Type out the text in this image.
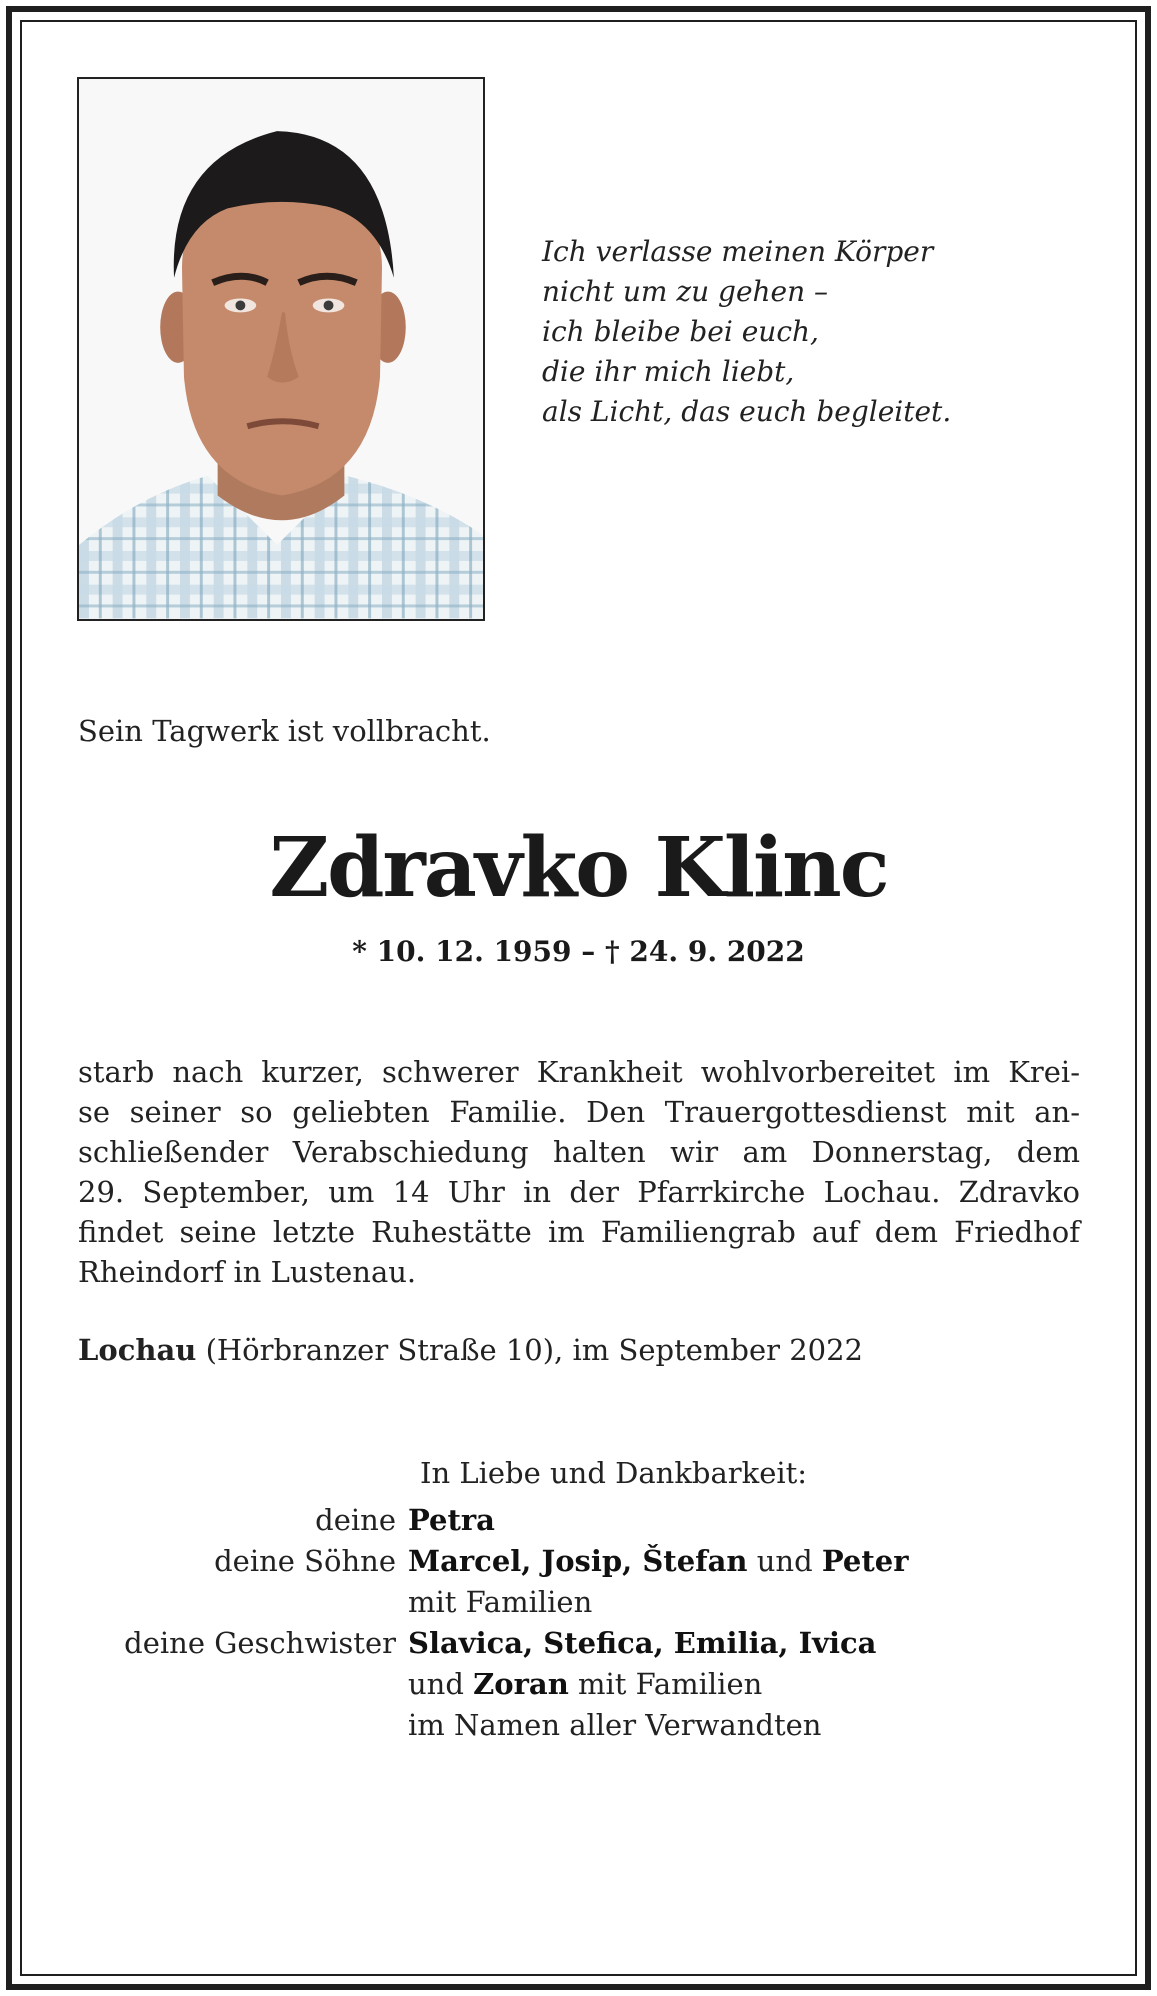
Ich verlasse meinen Körper
nicht um zu gehen –
ich bleibe bei euch,
die ihr mich liebt,
als Licht, das euch begleitet.
Sein Tagwerk ist vollbracht.
Zdravko Klinc
* 10. 12. 1959 – † 24. 9. 2022
starb nach kurzer, schwerer Krankheit wohlvorbereitet im Krei-
se seiner so geliebten Familie. Den Trauergottesdienst mit an-
schließender Verabschiedung halten wir am Donnerstag, dem
29. September, um 14 Uhr in der Pfarrkirche Lochau. Zdravko
findet seine letzte Ruhestätte im Familiengrab auf dem Friedhof
Rheindorf in Lustenau.
Lochau (Hörbranzer Straße 10), im September 2022
In Liebe und Dankbarkeit:
deine Petra
deine Söhne Marcel, Josip, Štefan und Peter
mit Familien
deine Geschwister Slavica, Stefica, Emilia, Ivica
und Zoran mit Familien
im Namen aller Verwandten
